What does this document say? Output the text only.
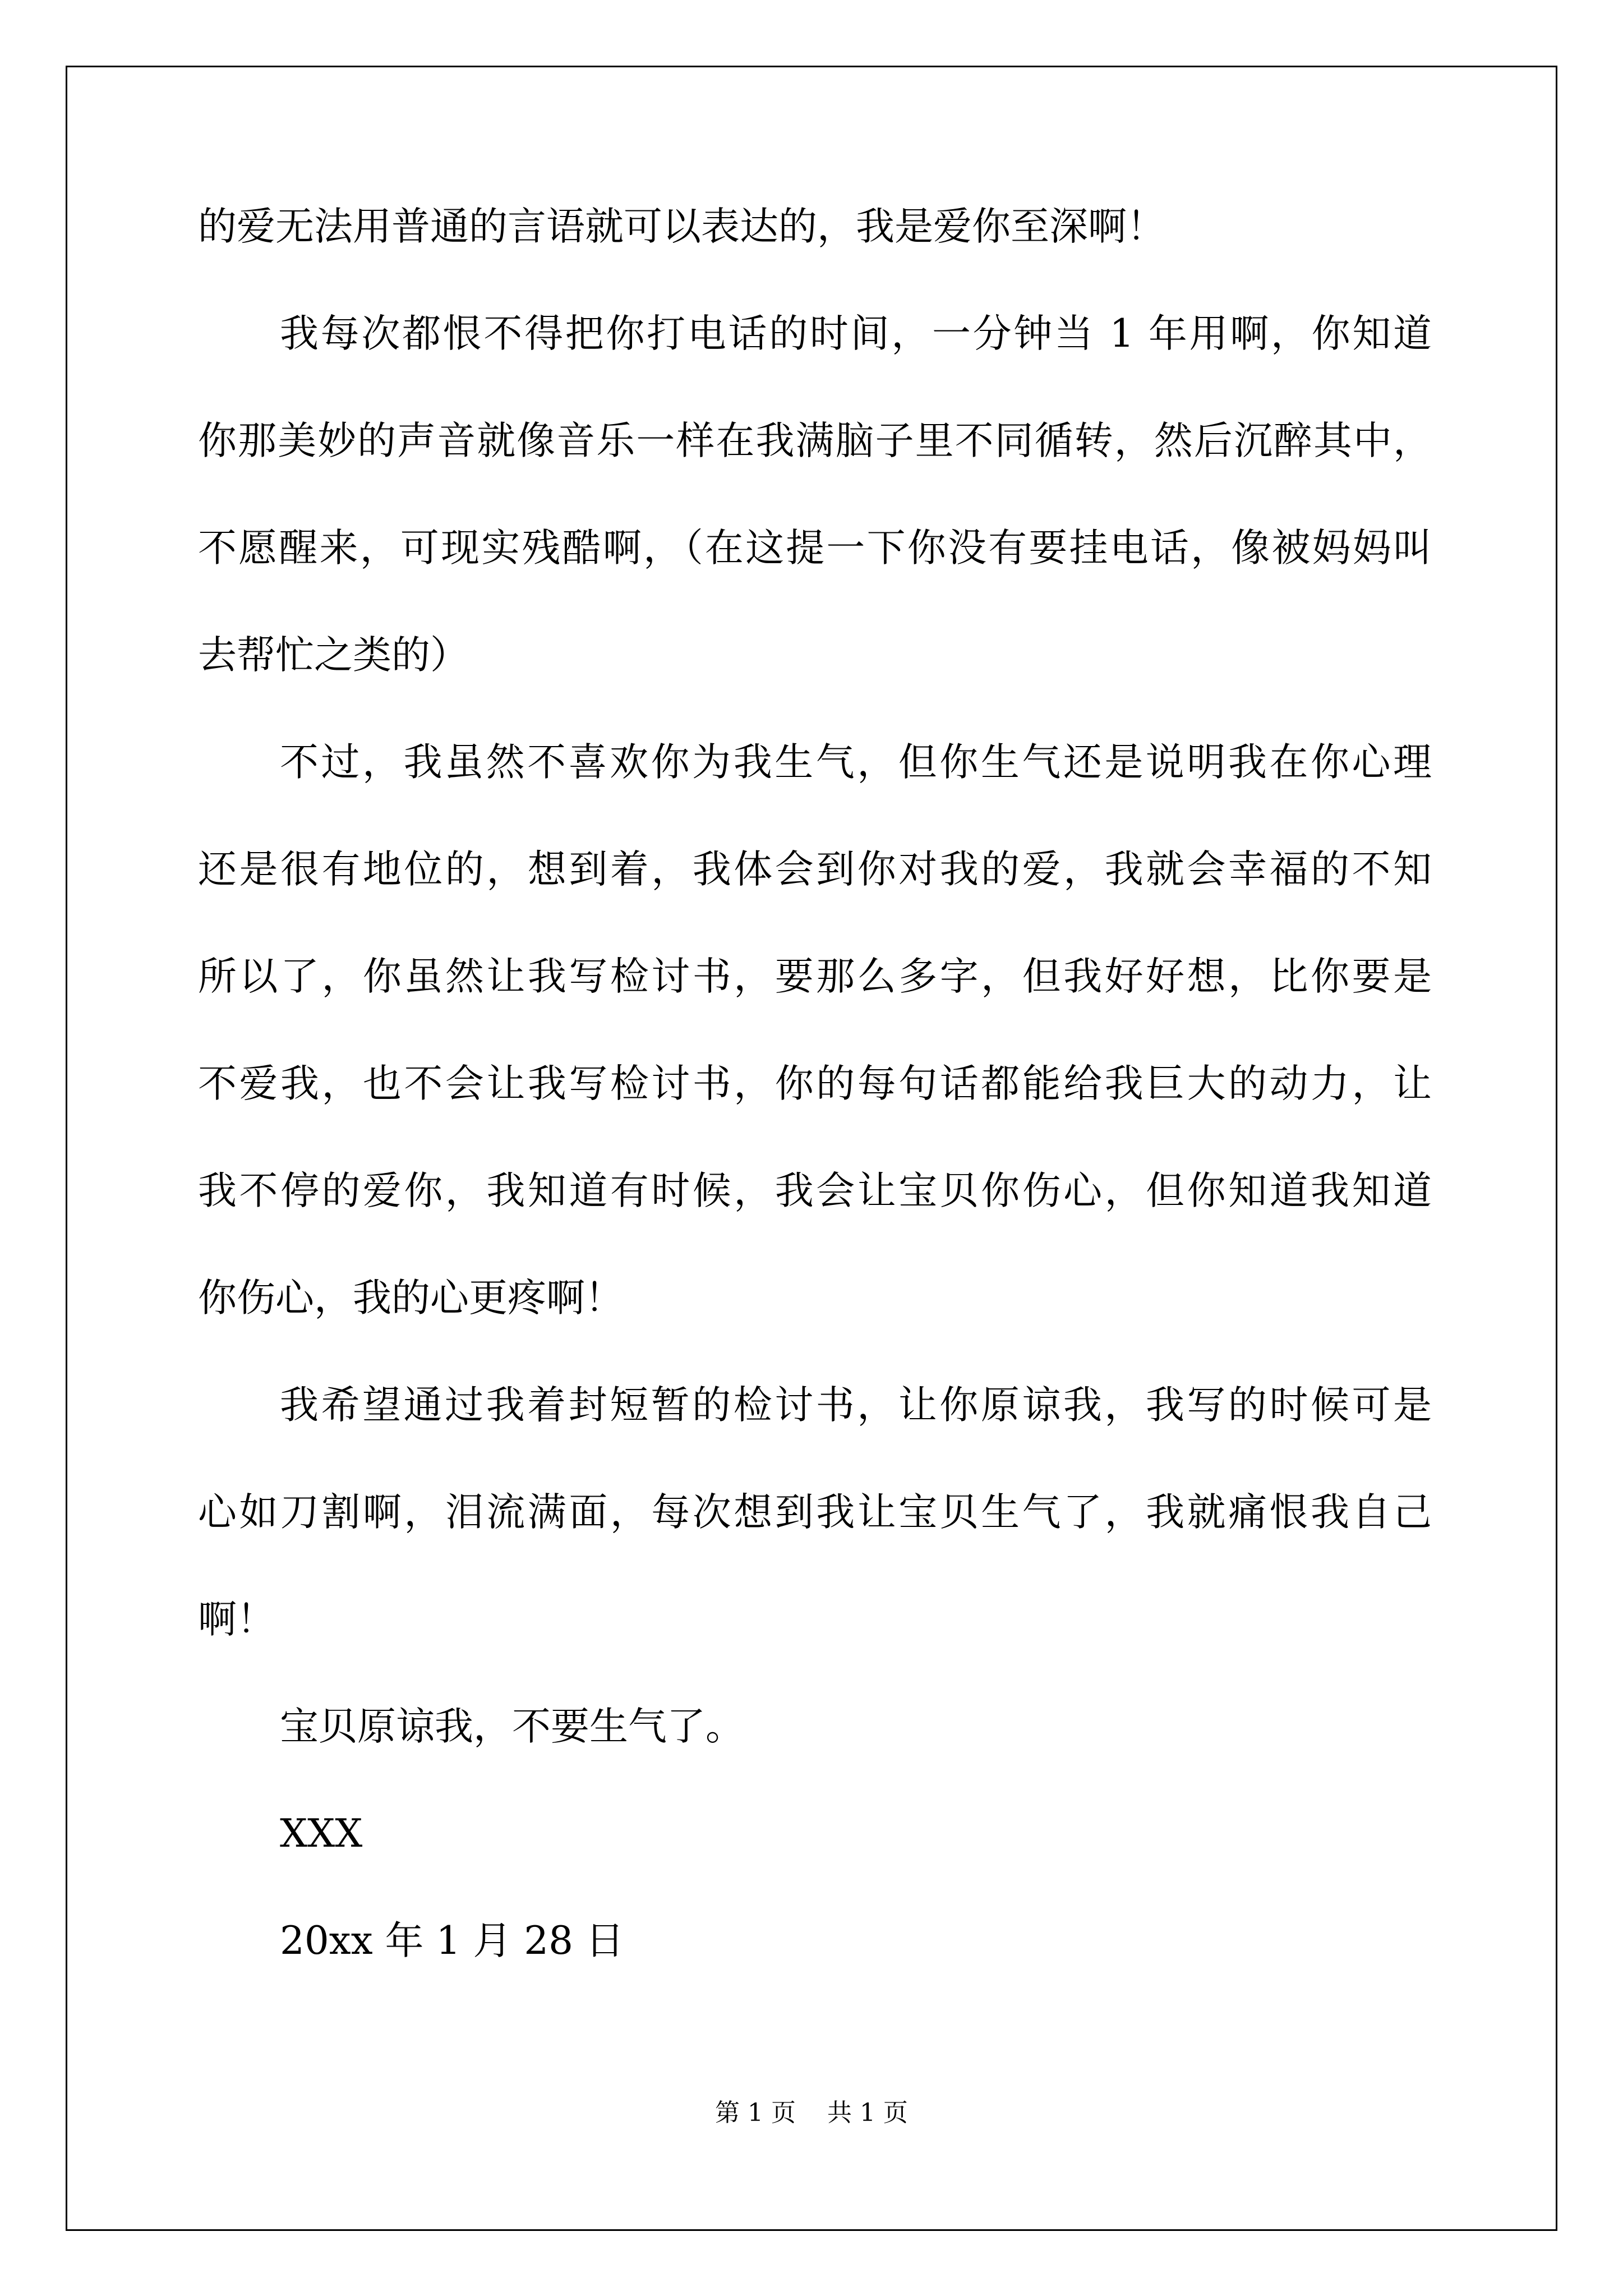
的爱无法用普通的言语就可以表达的，我是爱你至深啊！
我每次都恨不得把你打电话的时间，一分钟当 1 年用啊，你知道
你那美妙的声音就像音乐一样在我满脑子里不同循转，然后沉醉其中，
不愿醒来，可现实残酷啊，（在这提一下你没有要挂电话，像被妈妈叫
去帮忙之类的）
不过，我虽然不喜欢你为我生气，但你生气还是说明我在你心理
还是很有地位的，想到着，我体会到你对我的爱，我就会幸福的不知
所以了，你虽然让我写检讨书，要那么多字，但我好好想，比你要是
不爱我，也不会让我写检讨书，你的每句话都能给我巨大的动力，让
我不停的爱你，我知道有时候，我会让宝贝你伤心，但你知道我知道
你伤心，我的心更疼啊！
我希望通过我着封短暂的检讨书，让你原谅我，我写的时候可是
心如刀割啊，泪流满面，每次想到我让宝贝生气了，我就痛恨我自己
啊！
宝贝原谅我，不要生气了。
XXX
20xx 年 1 月 28 日
第 1 页    共 1 页
